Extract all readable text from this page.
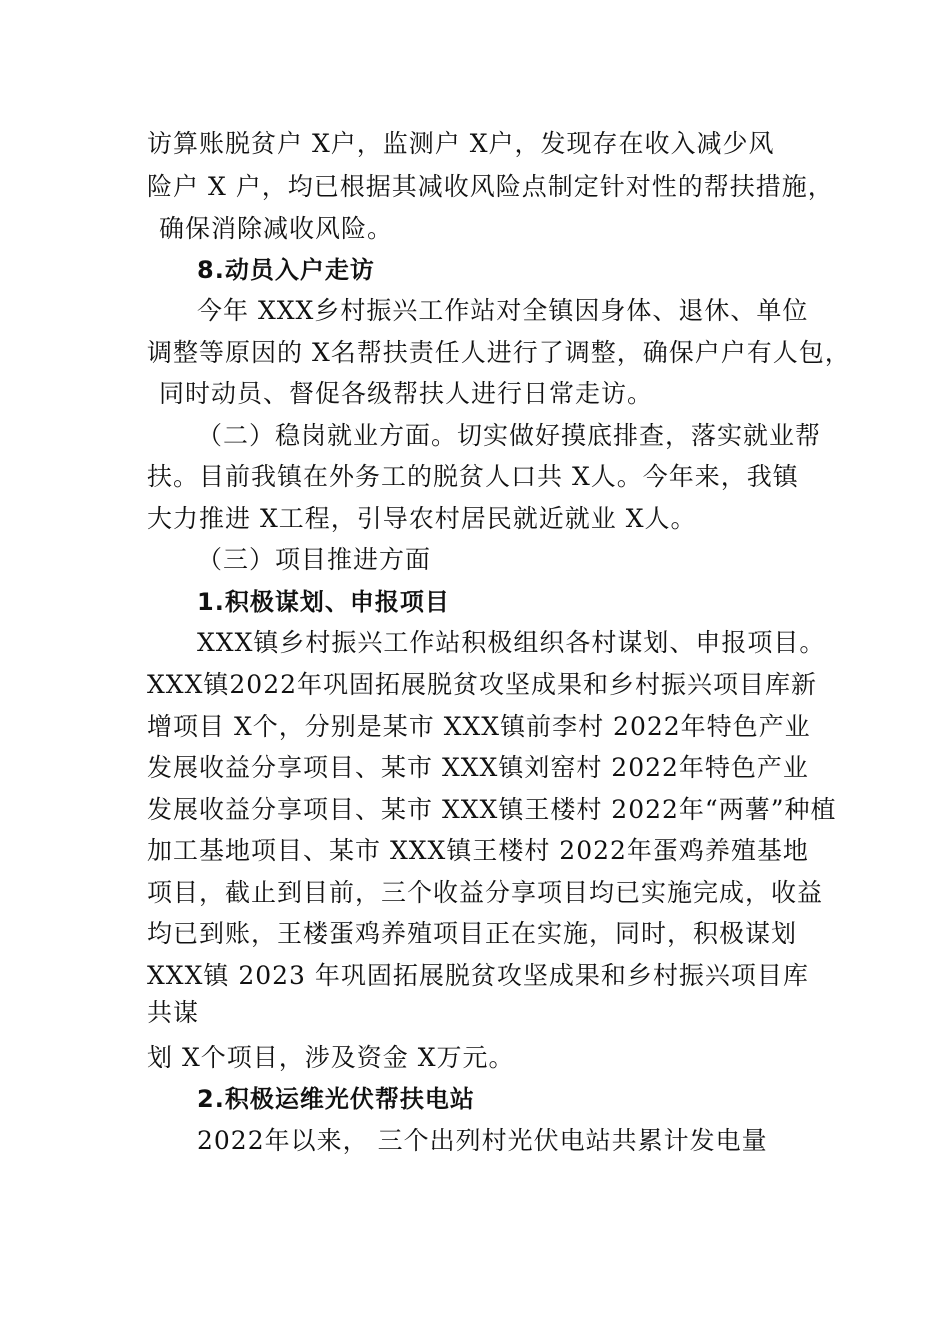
访算账脱贫户 X户，监测户 X户，发现存在收入减少风
险户 X 户，均已根据其减收风险点制定针对性的帮扶措施，
确保消除减收风险。
8.动员入户走访
今年 XXX乡村振兴工作站对全镇因身体、退休、单位
调整等原因的 X名帮扶责任人进行了调整，确保户户有人包，
同时动员、督促各级帮扶人进行日常走访。
（二）稳岗就业方面。切实做好摸底排查，落实就业帮
扶。目前我镇在外务工的脱贫人口共 X人。今年来，我镇
大力推进 X工程，引导农村居民就近就业 X人。
（三）项目推进方面
1.积极谋划、申报项目
XXX镇乡村振兴工作站积极组织各村谋划、申报项目。
XXX镇2022年巩固拓展脱贫攻坚成果和乡村振兴项目库新
增项目 X个，分别是某市 XXX镇前李村 2022年特色产业
发展收益分享项目、某市 XXX镇刘窑村 2022年特色产业
发展收益分享项目、某市 XXX镇王楼村 2022年“两薯”种植
加工基地项目、某市 XXX镇王楼村 2022年蛋鸡养殖基地
项目，截止到目前，三个收益分享项目均已实施完成，收益
均已到账，王楼蛋鸡养殖项目正在实施，同时，积极谋划
XXX镇 2023 年巩固拓展脱贫攻坚成果和乡村振兴项目库
共谋
划 X个项目，涉及资金 X万元。
2.积极运维光伏帮扶电站
2022年以来， 三个出列村光伏电站共累计发电量
